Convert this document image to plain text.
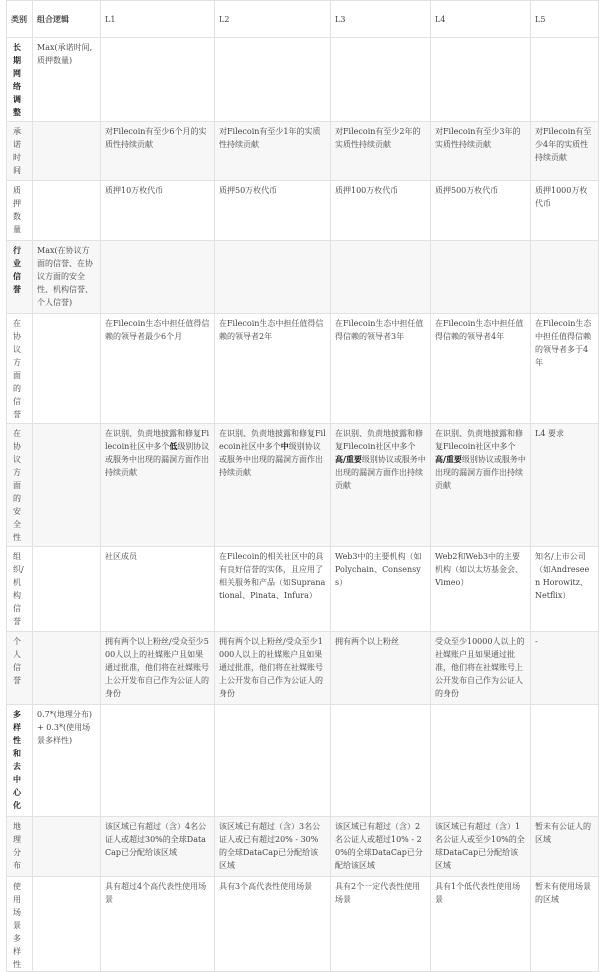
类别	组合逻辑	L1	L2	L3	L4	L5

长期网络调整	Max(承诺时间, 质押数量)					

承诺时间		对Filecoin有至少6个月的实质性持续贡献	对Filecoin有至少1年的实质性持续贡献	对Filecoin有至少2年的实质性持续贡献	对Filecoin有至少3年的实质性持续贡献	对Filecoin有至少4年的实质性持续贡献

质押数量		质押10万枚代币	质押50万枚代币	质押100万枚代币	质押500万枚代币	质押1000万枚代币

行业信誉	Max(在协议方面的信誉、在协议方面的安全性、机构信誉、个人信誉)					

在协议方面的信誉		在Filecoin生态中担任值得信赖的领导者最少6个月	在Filecoin生态中担任值得信赖的领导者2年	在Filecoin生态中担任值得信赖的领导者3年	在Filecoin生态中担任值得信赖的领导者4年	在Filecoin生态中担任值得信赖的领导者多于4年

在协议方面的安全性		在识别、负责地披露和修复Filecoin社区中多个低级别协议或服务中出现的漏洞方面作出持续贡献	在识别、负责地披露和修复Filecoin社区中多个中级别协议或服务中出现的漏洞方面作出持续贡献	在识别、负责地披露和修复Filecoin社区中多个高/重要级别协议或服务中出现的漏洞方面作出持续贡献	在识别、负责地披露和修复Filecoin社区中多个高/重要级别协议或服务中出现的漏洞方面作出持续贡献	L4 要求

组织/机构信誉		社区成员	在Filecoin的相关社区中的具有良好信誉的实体，且应用了相关服务和产品（如Supranational、Pinata、Infura）	Web3中的主要机构（如Polychain、Consensys）	Web2和Web3中的主要机构（如以太坊基金会、Vimeo）	知名/上市公司（如Andreseen Horowitz、Netflix）

个人信誉		拥有两个以上粉丝/受众至少500人以上的社媒账户且如果通过批准，他们将在社媒账号上公开发布自己作为公证人的身份	拥有两个以上粉丝/受众至少1000人以上的社媒账户且如果通过批准，他们将在社媒账号上公开发布自己作为公证人的身份	拥有两个以上粉丝	受众至少10000人以上的社媒账户且如果通过批准，他们将在社媒账号上公开发布自己作为公证人的身份	-

多样性和去中心化	0.7*(地理分布) + 0.3*(使用场景多样性)					

地理分布		该区域已有超过（含）4名公证人或超过30%的全球DataCap已分配给该区域	该区域已有超过（含）3名公证人或已有超过20% - 30%的全球DataCap已分配给该区域	该区域已有超过（含）2名公证人或超过10% - 20%的全球DataCap已分配给该区域	该区域已有超过（含）1名公证人或至少10%的全球DataCap已分配给该区域	暂未有公证人的区域

使用场景多样性		具有超过4个高代表性使用场景	具有3个高代表性使用场景	具有2个一定代表性使用场景	具有1个低代表性使用场景	暂未有使用场景的区域
